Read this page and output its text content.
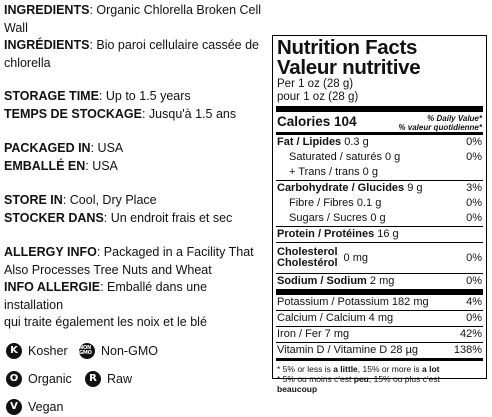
INGREDIENTS: Organic Chlorella Broken Cell
Wall
INGRÉDIENTS: Bio paroi cellulaire cassée de
chlorella
STORAGE TIME: Up to 1.5 years
TEMPS DE STOCKAGE: Jusqu'à 1.5 ans
PACKAGED IN: USA
EMBALLÉ EN: USA
STORE IN: Cool, Dry Place
STOCKER DANS: Un endroit frais et sec
ALLERGY INFO: Packaged in a Facility That
Also Processes Tree Nuts and Wheat
INFO ALLERGIE: Emballé dans une installation
qui traite également les noix et le blé
K Kosher NON GMO Non-GMO
O Organic	R Raw
V Vegan
Nutrition Facts
Valeur nutritive
Per 1 oz (28 g)
pour 1 oz (28 g)
Calories 104	% Daily Value*
% valeur quotidienne*
Fat / Lipides 0.3 g	0%
Saturated / saturés 0 g	0%
+ Trans / trans 0 g
Carbohydrate / Glucides 9 g	3%
Fibre / Fibres 0.1 g	0%
Sugars / Sucres 0 g	0%
Protein / Protéines 16 g
Cholesterol
Cholestérol 0 mg	0%
Sodium / Sodium 2 mg	0%
Potassium / Potassium 182 mg	4%
Calcium / Calcium 4 mg	0%
Iron / Fer 7 mg	42%
Vitamin D / Vitamine D 28 µg	138%
* 5% or less is a little, 15% or more is a lot
* 5% ou moins c'est peu, 15% ou plus c'est beaucoup
